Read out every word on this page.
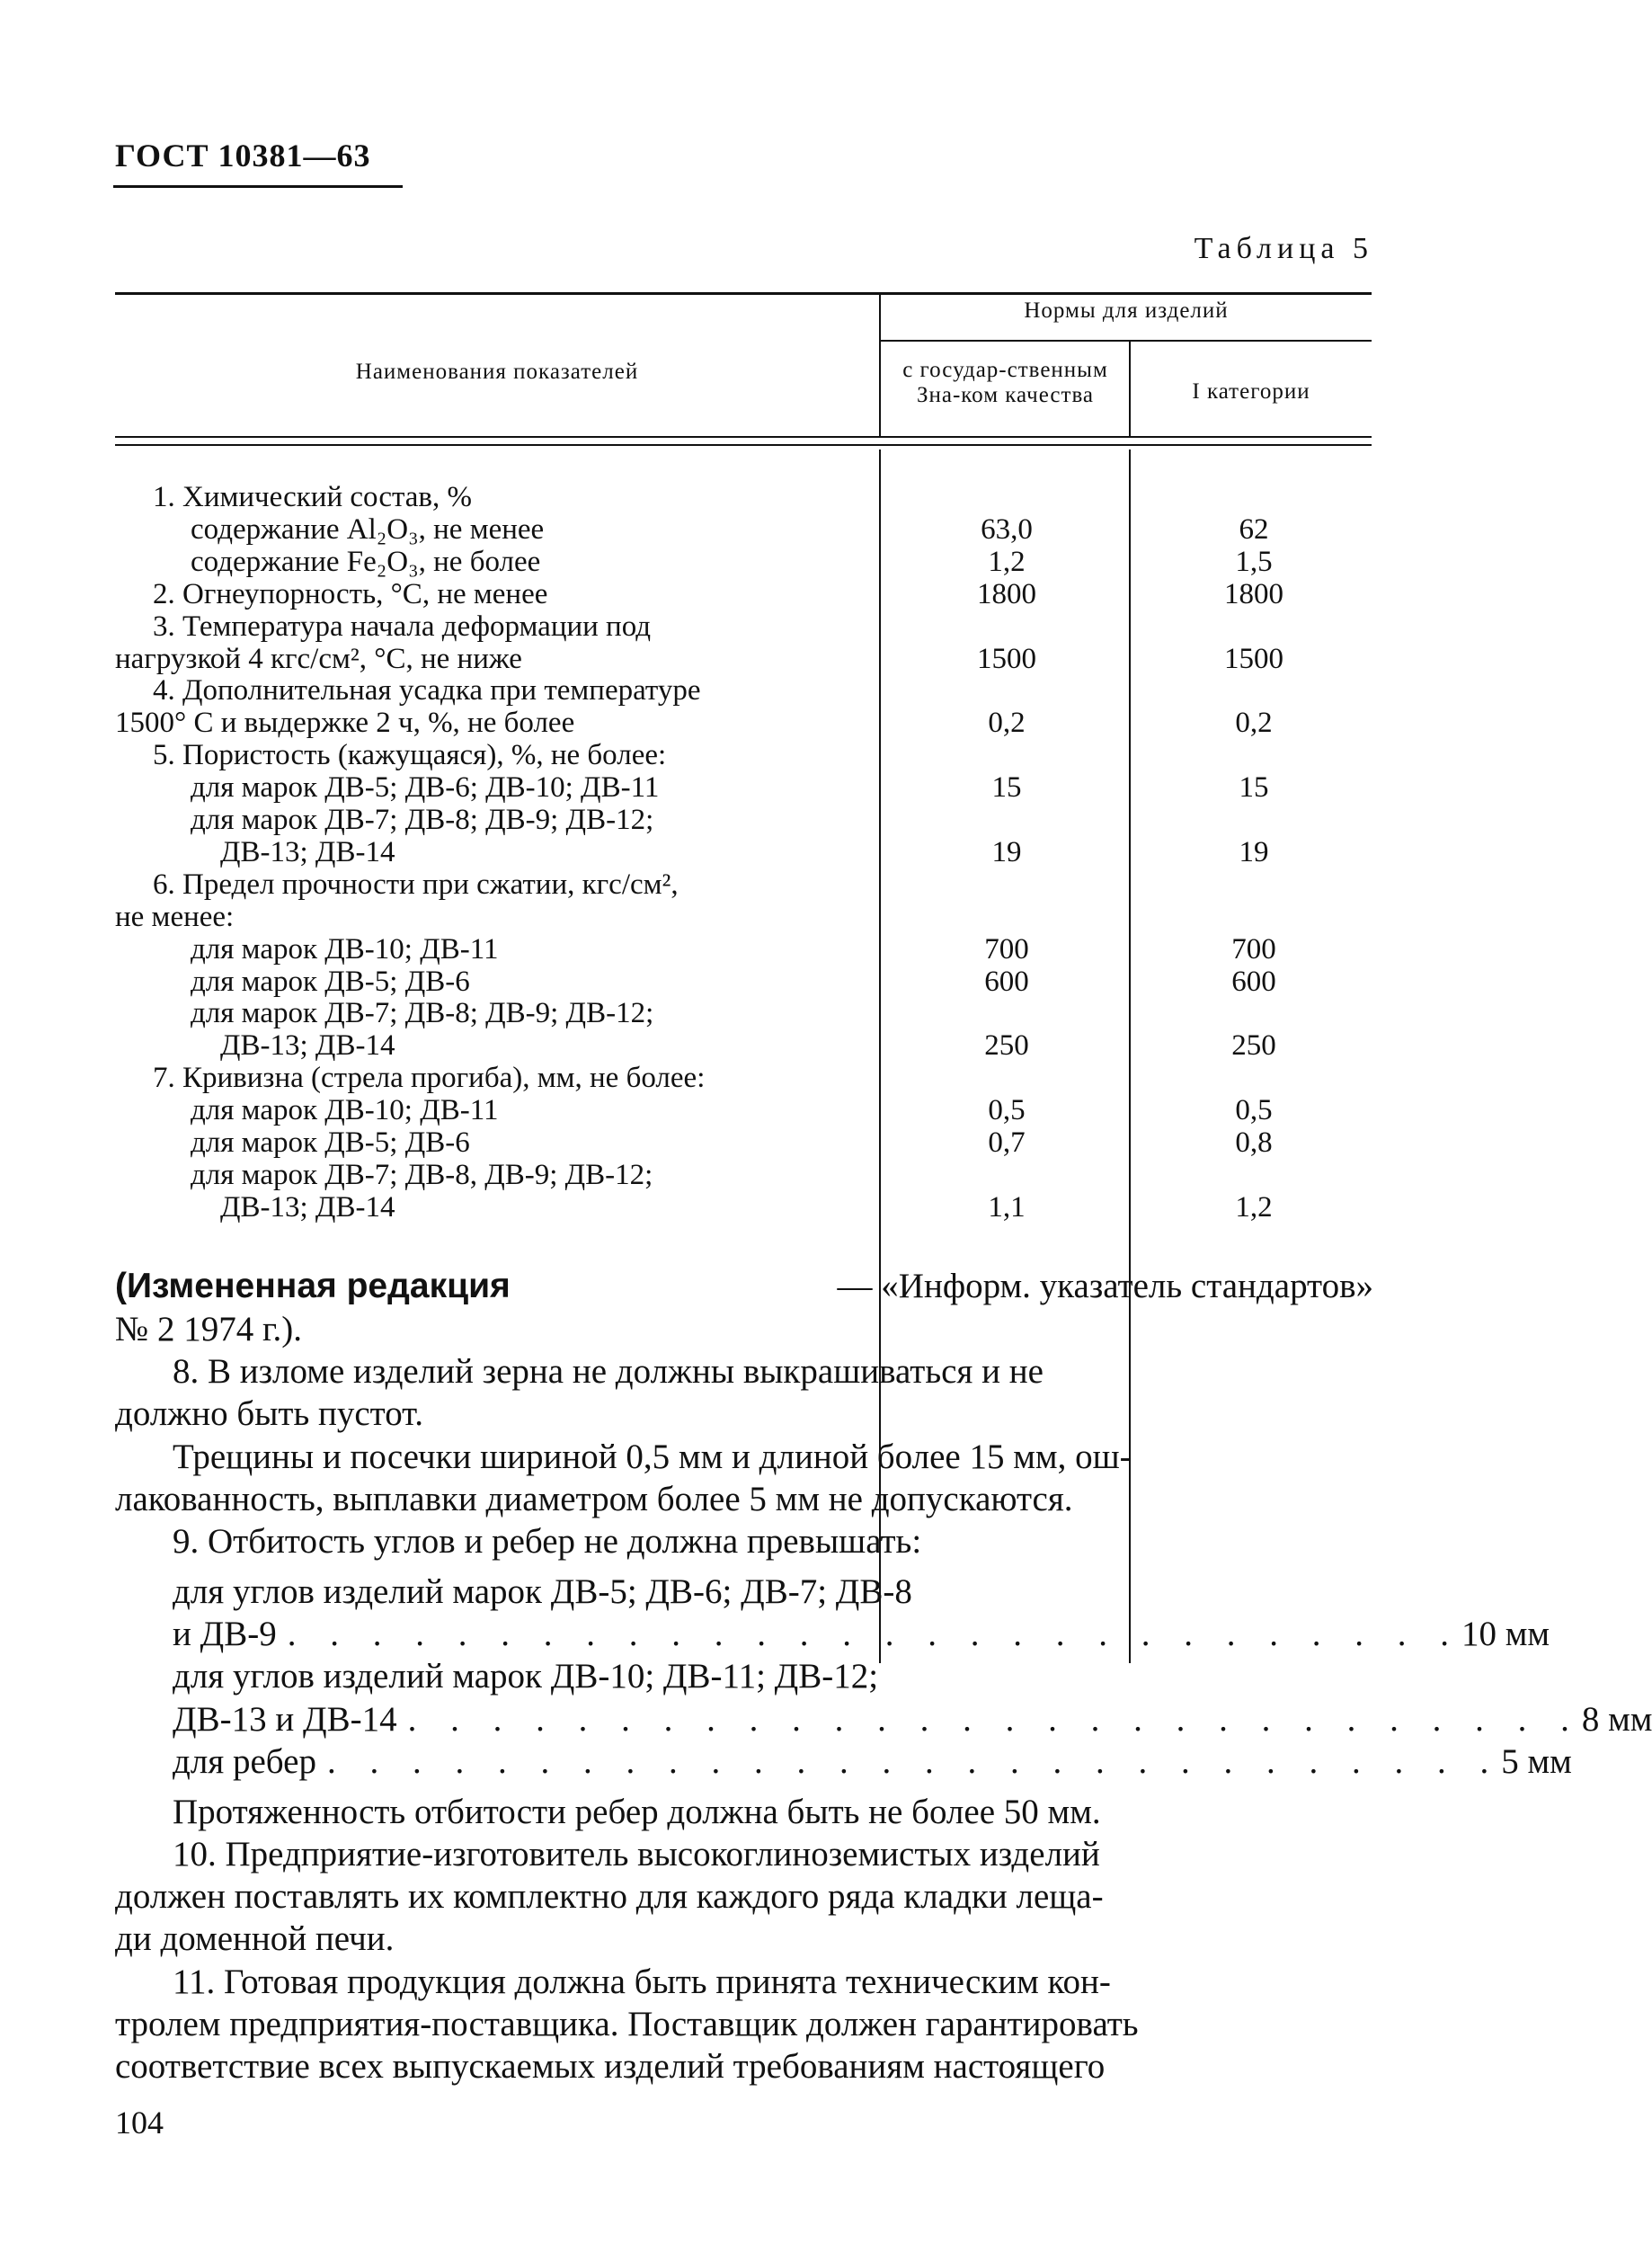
ГОСТ 10381—63
Таблица 5
Нормы для изделий
Наименования показателей	с государ-ственным Зна-ком качества	I категории
1. Химический состав, %
содержание Al₂O₃, не менее	63,0	62
содержание Fe₂O₃, не более	1,2	1,5
2. Огнеупорность, °С, не менее	1800	1800
3. Температура начала деформации под
нагрузкой 4 кгс/см², °С, не ниже	1500	1500
4. Дополнительная усадка при температуре
1500° С и выдержке 2 ч, %, не более	0,2	0,2
5. Пористость (кажущаяся), %, не более:
для марок ДВ-5; ДВ-6; ДВ-10; ДВ-11	15	15
для марок ДВ-7; ДВ-8; ДВ-9; ДВ-12;
ДВ-13; ДВ-14	19	19
6. Предел прочности при сжатии, кгс/см²,
не менее:
для марок ДВ-10; ДВ-11	700	700
для марок ДВ-5; ДВ-6	600	600
для марок ДВ-7; ДВ-8; ДВ-9; ДВ-12;
ДВ-13; ДВ-14	250	250
7. Кривизна (стрела прогиба), мм, не более:
для марок ДВ-10; ДВ-11	0,5	0,5
для марок ДВ-5; ДВ-6	0,7	0,8
для марок ДВ-7; ДВ-8, ДВ-9; ДВ-12;
ДВ-13; ДВ-14	1,1	1,2
(Измененная редакция	— «Информ. указатель стандартов»
№ 2 1974 г.).
8. В изломе изделий зерна не должны выкрашиваться и не
должно быть пустот.
Трещины и посечки шириной 0,5 мм и длиной более 15 мм, ош-
лакованность, выплавки диаметром более 5 мм не допускаются.
9. Отбитость углов и ребер не должна превышать:
для углов изделий марок ДВ-5; ДВ-6; ДВ-7; ДВ-8
и ДВ-9 . . . . . . . . . . . . . . . . . . . . . . . . . . . . 10 мм
для углов изделий марок ДВ-10; ДВ-11; ДВ-12;
ДВ-13 и ДВ-14 . . . . . . . . . . . . . . . . . . . . . . . . . . . . 8 мм
для ребер . . . . . . . . . . . . . . . . . . . . . . . . . . . . 5 мм
Протяженность отбитости ребер должна быть не более 50 мм.
10. Предприятие-изготовитель высокоглиноземистых изделий
должен поставлять их комплектно для каждого ряда кладки леща-
ди доменной печи.
11. Готовая продукция должна быть принята техническим кон-
тролем предприятия-поставщика. Поставщик должен гарантировать
соответствие всех выпускаемых изделий требованиям настоящего
104
